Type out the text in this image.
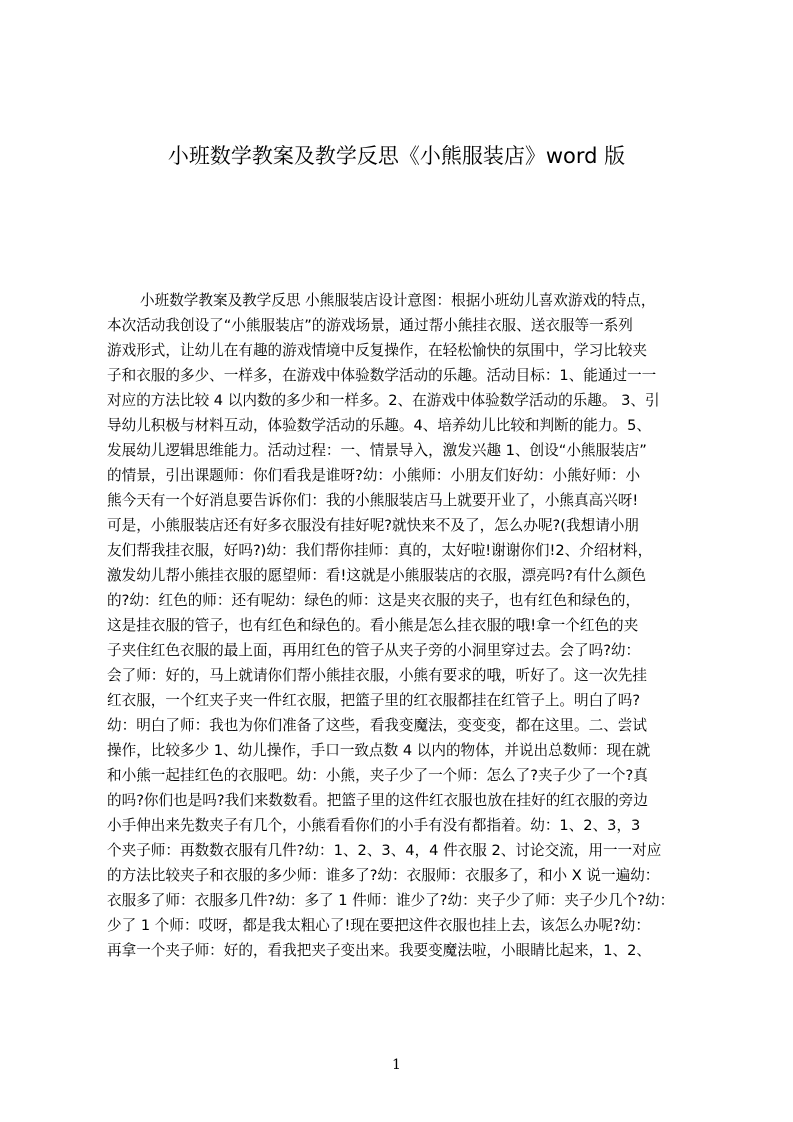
小班数学教案及教学反思《小熊服装店》word 版
小班数学教案及教学反思 小熊服装店设计意图：根据小班幼儿喜欢游戏的特点，
本次活动我创设了“小熊服装店”的游戏场景，通过帮小熊挂衣服、送衣服等一系列
游戏形式，让幼儿在有趣的游戏情境中反复操作，在轻松愉快的氛围中，学习比较夹
子和衣服的多少、一样多，在游戏中体验数学活动的乐趣。活动目标：1、能通过一一
对应的方法比较 4 以内数的多少和一样多。2、在游戏中体验数学活动的乐趣。 3、引
导幼儿积极与材料互动，体验数学活动的乐趣。4、培养幼儿比较和判断的能力。5、
发展幼儿逻辑思维能力。活动过程：一、情景导入，激发兴趣 1、创设“小熊服装店”
的情景，引出课题师：你们看我是谁呀?幼：小熊师：小朋友们好幼：小熊好师：小
熊今天有一个好消息要告诉你们：我的小熊服装店马上就要开业了，小熊真高兴呀!
可是，小熊服装店还有好多衣服没有挂好呢?就快来不及了，怎么办呢?(我想请小朋
友们帮我挂衣服，好吗?)幼：我们帮你挂师：真的，太好啦!谢谢你们!2、介绍材料，
激发幼儿帮小熊挂衣服的愿望师：看!这就是小熊服装店的衣服，漂亮吗?有什么颜色
的?幼：红色的师：还有呢幼：绿色的师：这是夹衣服的夹子，也有红色和绿色的，
这是挂衣服的管子，也有红色和绿色的。看小熊是怎么挂衣服的哦!拿一个红色的夹
子夹住红色衣服的最上面，再用红色的管子从夹子旁的小洞里穿过去。会了吗?幼：
会了师：好的，马上就请你们帮小熊挂衣服，小熊有要求的哦，听好了。这一次先挂
红衣服，一个红夹子夹一件红衣服，把篮子里的红衣服都挂在红管子上。明白了吗?
幼：明白了师：我也为你们准备了这些，看我变魔法，变变变，都在这里。二、尝试
操作，比较多少 1、幼儿操作，手口一致点数 4 以内的物体，并说出总数师：现在就
和小熊一起挂红色的衣服吧。幼：小熊，夹子少了一个师：怎么了?夹子少了一个?真
的吗?你们也是吗?我们来数数看。把篮子里的这件红衣服也放在挂好的红衣服的旁边
小手伸出来先数夹子有几个，小熊看看你们的小手有没有都指着。幼：1、2、3，3
个夹子师：再数数衣服有几件?幼：1、2、3、4，4 件衣服 2、讨论交流，用一一对应
的方法比较夹子和衣服的多少师：谁多了?幼：衣服师：衣服多了，和小 X 说一遍幼：
衣服多了师：衣服多几件?幼：多了 1 件师：谁少了?幼：夹子少了师：夹子少几个?幼：
少了 1 个师：哎呀，都是我太粗心了!现在要把这件衣服也挂上去，该怎么办呢?幼：
再拿一个夹子师：好的，看我把夹子变出来。我要变魔法啦，小眼睛比起来，1、2、
1
